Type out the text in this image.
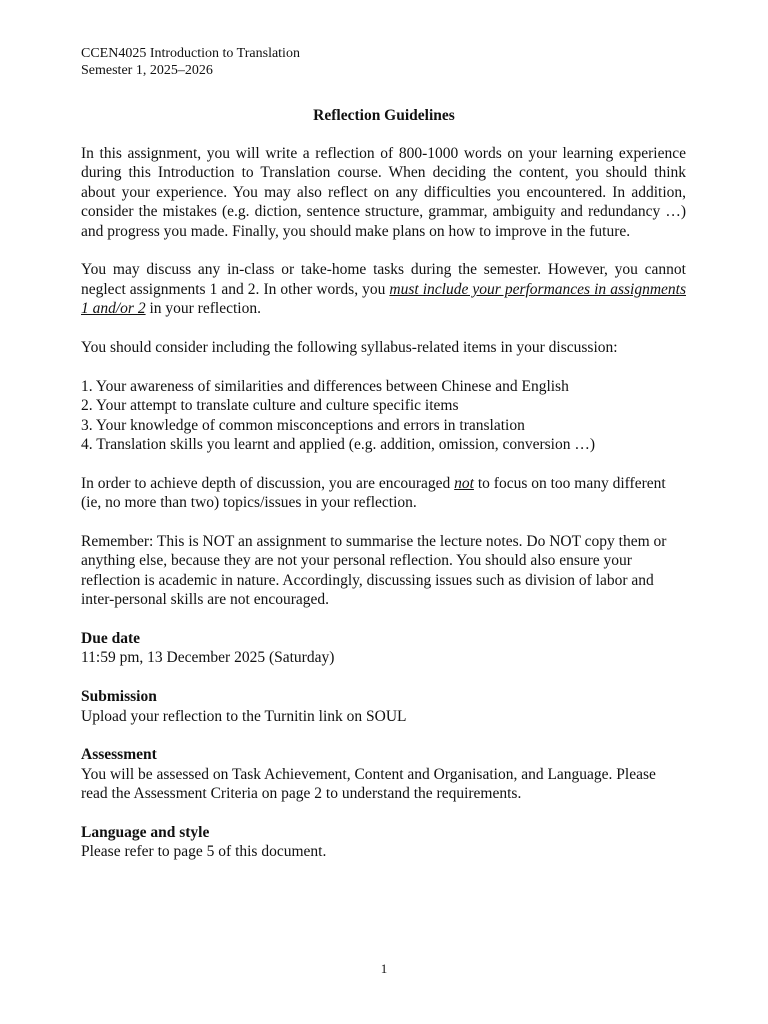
CCEN4025 Introduction to Translation
Semester 1, 2025–2026
Reflection Guidelines

In this assignment, you will write a reflection of 800-1000 words on your learning experience during this Introduction to Translation course. When deciding the content, you should think about your experience. You may also reflect on any difficulties you encountered. In addition, consider the mistakes (e.g. diction, sentence structure, grammar, ambiguity and redundancy …) and progress you made. Finally, you should make plans on how to improve in the future.

You may discuss any in-class or take-home tasks during the semester. However, you cannot neglect assignments 1 and 2. In other words, you must include your performances in assignments 1 and/or 2 in your reflection.

You should consider including the following syllabus-related items in your discussion:

1. Your awareness of similarities and differences between Chinese and English
2. Your attempt to translate culture and culture specific items
3. Your knowledge of common misconceptions and errors in translation
4. Translation skills you learnt and applied (e.g. addition, omission, conversion …)

In order to achieve depth of discussion, you are encouraged not to focus on too many different (ie, no more than two) topics/issues in your reflection.

Remember: This is NOT an assignment to summarise the lecture notes. Do NOT copy them or anything else, because they are not your personal reflection. You should also ensure your reflection is academic in nature. Accordingly, discussing issues such as division of labor and inter-personal skills are not encouraged.

Due date
11:59 pm, 13 December 2025 (Saturday)
Submission
Upload your reflection to the Turnitin link on SOUL
Assessment
You will be assessed on Task Achievement, Content and Organisation, and Language. Please read the Assessment Criteria on page 2 to understand the requirements.
Language and style
Please refer to page 5 of this document.
1
